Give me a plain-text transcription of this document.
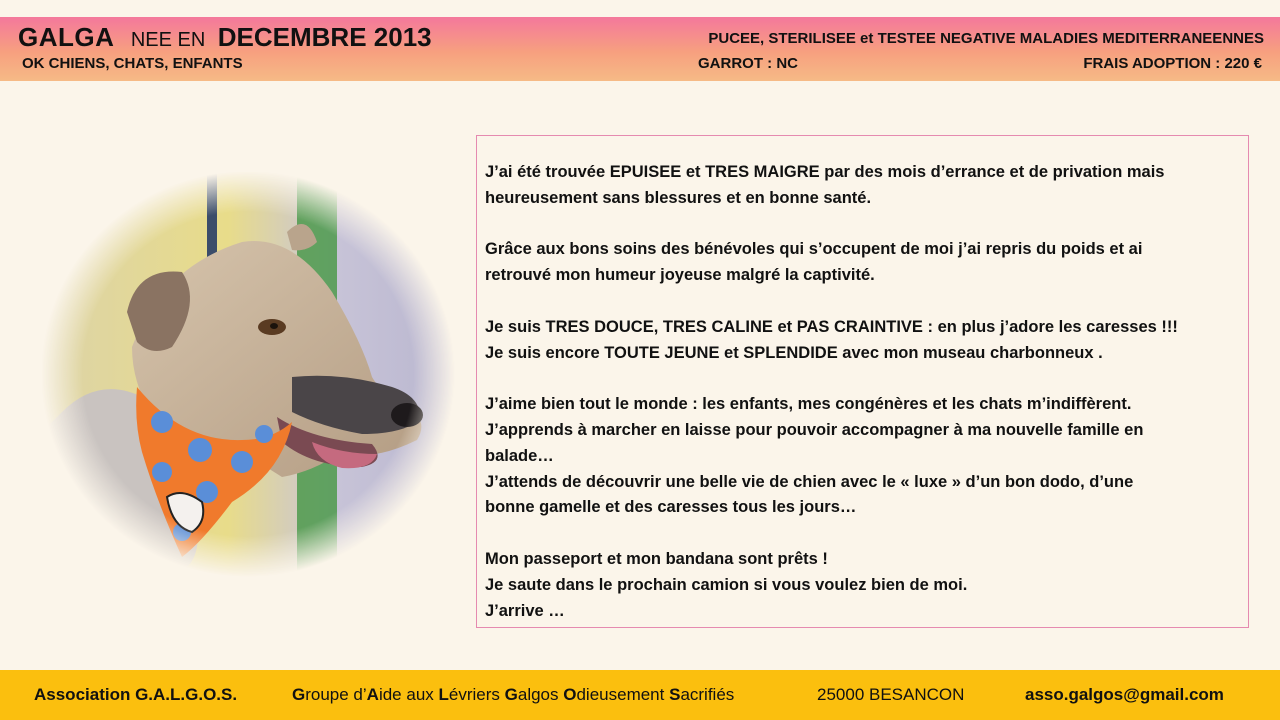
GALGA NEE EN DECEMBRE 2013
OK CHIENS, CHATS, ENFANTS
PUCEE, STERILISEE et TESTEE NEGATIVE MALADIES MEDITERRANEENNES
GARROT : NC	FRAIS ADOPTION : 220 €

J’ai été trouvée EPUISEE et TRES MAIGRE par des mois d’errance et de privation mais
heureusement sans blessures et en bonne santé.

Grâce aux bons soins des bénévoles qui s’occupent de moi j’ai repris du poids et ai
retrouvé mon humeur joyeuse malgré la captivité.

Je suis TRES DOUCE, TRES CALINE et PAS CRAINTIVE : en plus j’adore les caresses !!!
Je suis encore TOUTE JEUNE et SPLENDIDE avec mon museau charbonneux .

J’aime bien tout le monde : les enfants, mes congénères et les chats m’indiffèrent.
J’apprends à marcher en laisse pour pouvoir accompagner à ma nouvelle famille en
balade…
J’attends de découvrir une belle vie de chien avec le « luxe » d’un bon dodo, d’une
bonne gamelle et des caresses tous les jours…

Mon passeport et mon bandana sont prêts !
Je saute dans le prochain camion si vous voulez bien de moi.
J’arrive …

Association G.A.L.G.O.S.	Groupe d’Aide aux Lévriers Galgos Odieusement Sacrifiés	25000 BESANCON	asso.galgos@gmail.com
